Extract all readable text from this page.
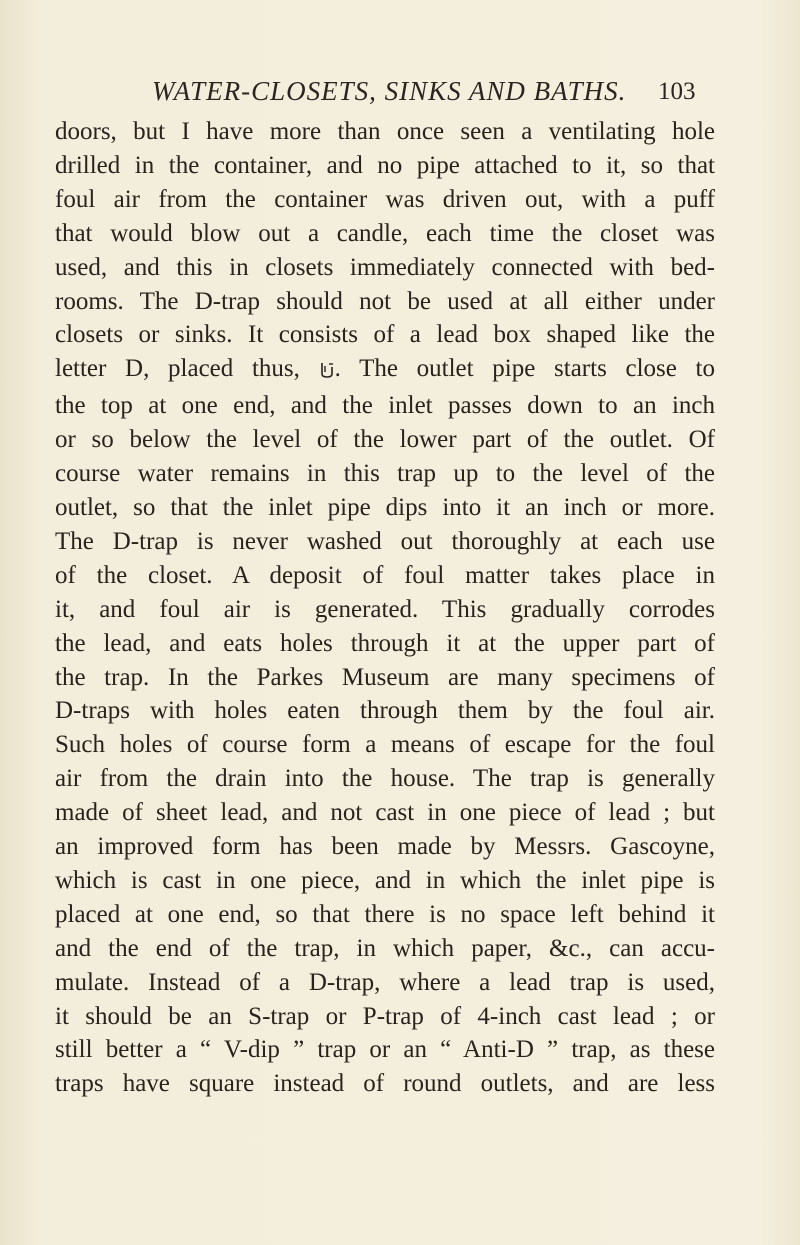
WATER-CLOSETS, SINKS AND BATHS. 103
doors, but I have more than once seen a ventilating hole
drilled in the container, and no pipe attached to it, so that
foul air from the container was driven out, with a puff
that would blow out a candle, each time the closet was
used, and this in closets immediately connected with bed-
rooms. The D-trap should not be used at all either under
closets or sinks. It consists of a lead box shaped like the
letter D, placed thus, . The outlet pipe starts close to
the top at one end, and the inlet passes down to an inch
or so below the level of the lower part of the outlet. Of
course water remains in this trap up to the level of the
outlet, so that the inlet pipe dips into it an inch or more.
The D-trap is never washed out thoroughly at each use
of the closet. A deposit of foul matter takes place in
it, and foul air is generated. This gradually corrodes
the lead, and eats holes through it at the upper part of
the trap. In the Parkes Museum are many specimens of
D-traps with holes eaten through them by the foul air.
Such holes of course form a means of escape for the foul
air from the drain into the house. The trap is generally
made of sheet lead, and not cast in one piece of lead ; but
an improved form has been made by Messrs. Gascoyne,
which is cast in one piece, and in which the inlet pipe is
placed at one end, so that there is no space left behind it
and the end of the trap, in which paper, &c., can accu-
mulate. Instead of a D-trap, where a lead trap is used,
it should be an S-trap or P-trap of 4-inch cast lead ; or
still better a “ V-dip ” trap or an “ Anti-D ” trap, as these
traps have square instead of round outlets, and are less
